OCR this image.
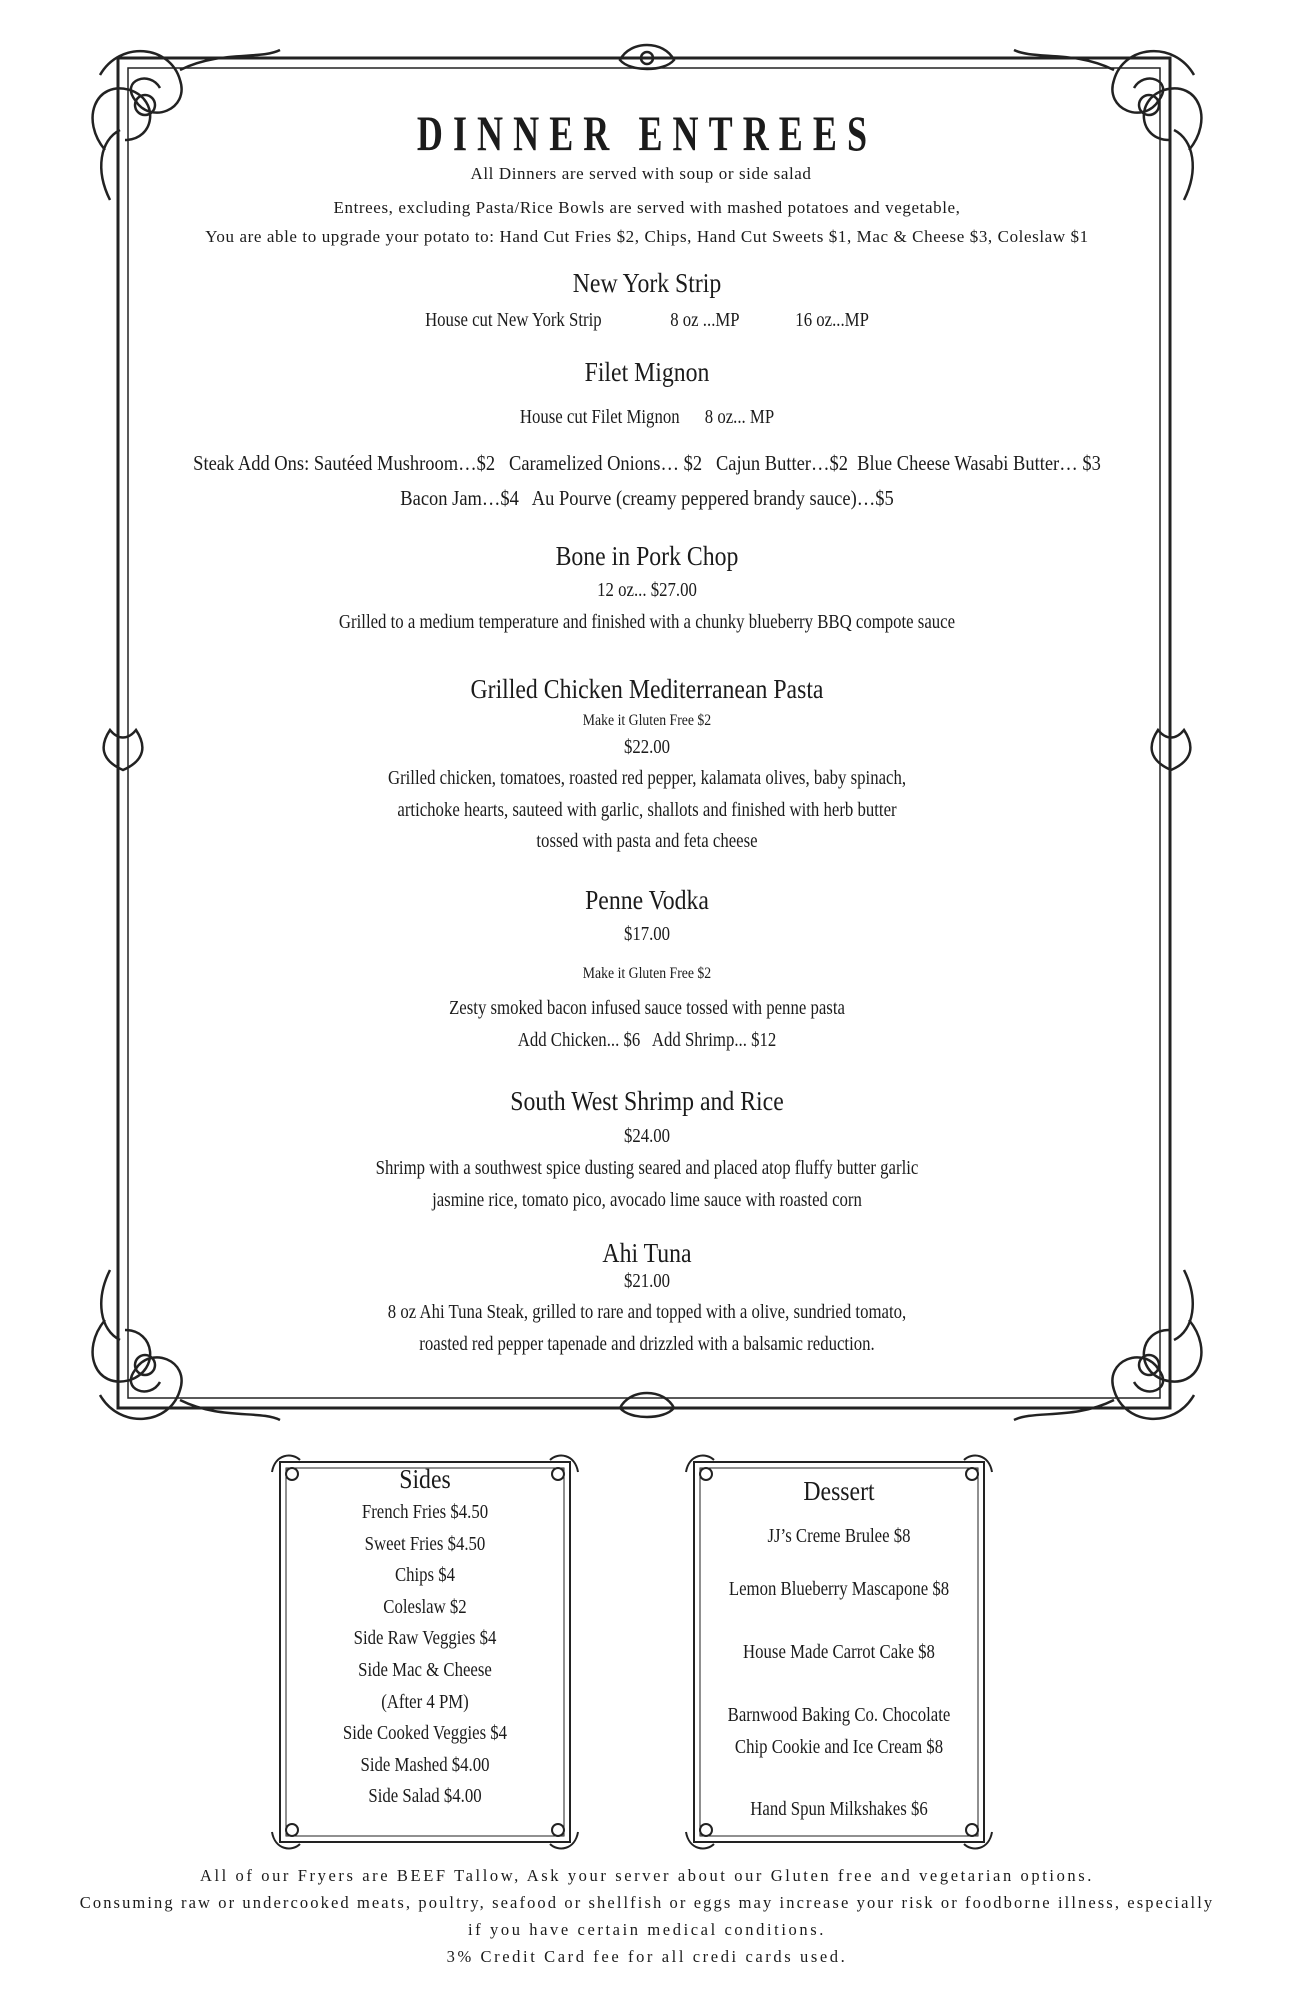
DINNER ENTREES
All Dinners are served with soup or side salad
Entrees, excluding Pasta/Rice Bowls are served with mashed potatoes and vegetable,
You are able to upgrade your potato to: Hand Cut Fries $2, Chips, Hand Cut Sweets $1, Mac & Cheese $3, Coleslaw $1
New York Strip
House cut New York Strip	8 oz ...MP	16 oz...MP
Filet Mignon
House cut Filet Mignon      8 oz... MP
Steak Add Ons: Sautéed Mushroom…$2   Caramelized Onions… $2   Cajun Butter…$2  Blue Cheese Wasabi Butter… $3
Bacon Jam…$4   Au Pourve (creamy peppered brandy sauce)…$5
Bone in Pork Chop
12 oz... $27.00
Grilled to a medium temperature and finished with a chunky blueberry BBQ compote sauce
Grilled Chicken Mediterranean Pasta
Make it Gluten Free $2
$22.00
Grilled chicken, tomatoes, roasted red pepper, kalamata olives, baby spinach,
artichoke hearts, sauteed with garlic, shallots and finished with herb butter
tossed with pasta and feta cheese
Penne Vodka
$17.00
Make it Gluten Free $2
Zesty smoked bacon infused sauce tossed with penne pasta
Add Chicken... $6   Add Shrimp... $12
South West Shrimp and Rice
$24.00
Shrimp with a southwest spice dusting seared and placed atop fluffy butter garlic
jasmine rice, tomato pico, avocado lime sauce with roasted corn
Ahi Tuna
$21.00
8 oz Ahi Tuna Steak, grilled to rare and topped with a olive, sundried tomato,
roasted red pepper tapenade and drizzled with a balsamic reduction.
Sides
French Fries $4.50
Sweet Fries $4.50
Chips $4
Coleslaw $2
Side Raw Veggies $4
Side Mac & Cheese
(After 4 PM)
Side Cooked Veggies $4
Side Mashed $4.00
Side Salad $4.00
Dessert
JJ’s Creme Brulee $8
Lemon Blueberry Mascapone $8
House Made Carrot Cake $8
Barnwood Baking Co. Chocolate
Chip Cookie and Ice Cream $8
Hand Spun Milkshakes $6
All of our Fryers are BEEF Tallow, Ask your server about our Gluten free and vegetarian options.
Consuming raw or undercooked meats, poultry, seafood or shellfish or eggs may increase your risk or foodborne illness, especially
if you have certain medical conditions.
3% Credit Card fee for all credi cards used.
